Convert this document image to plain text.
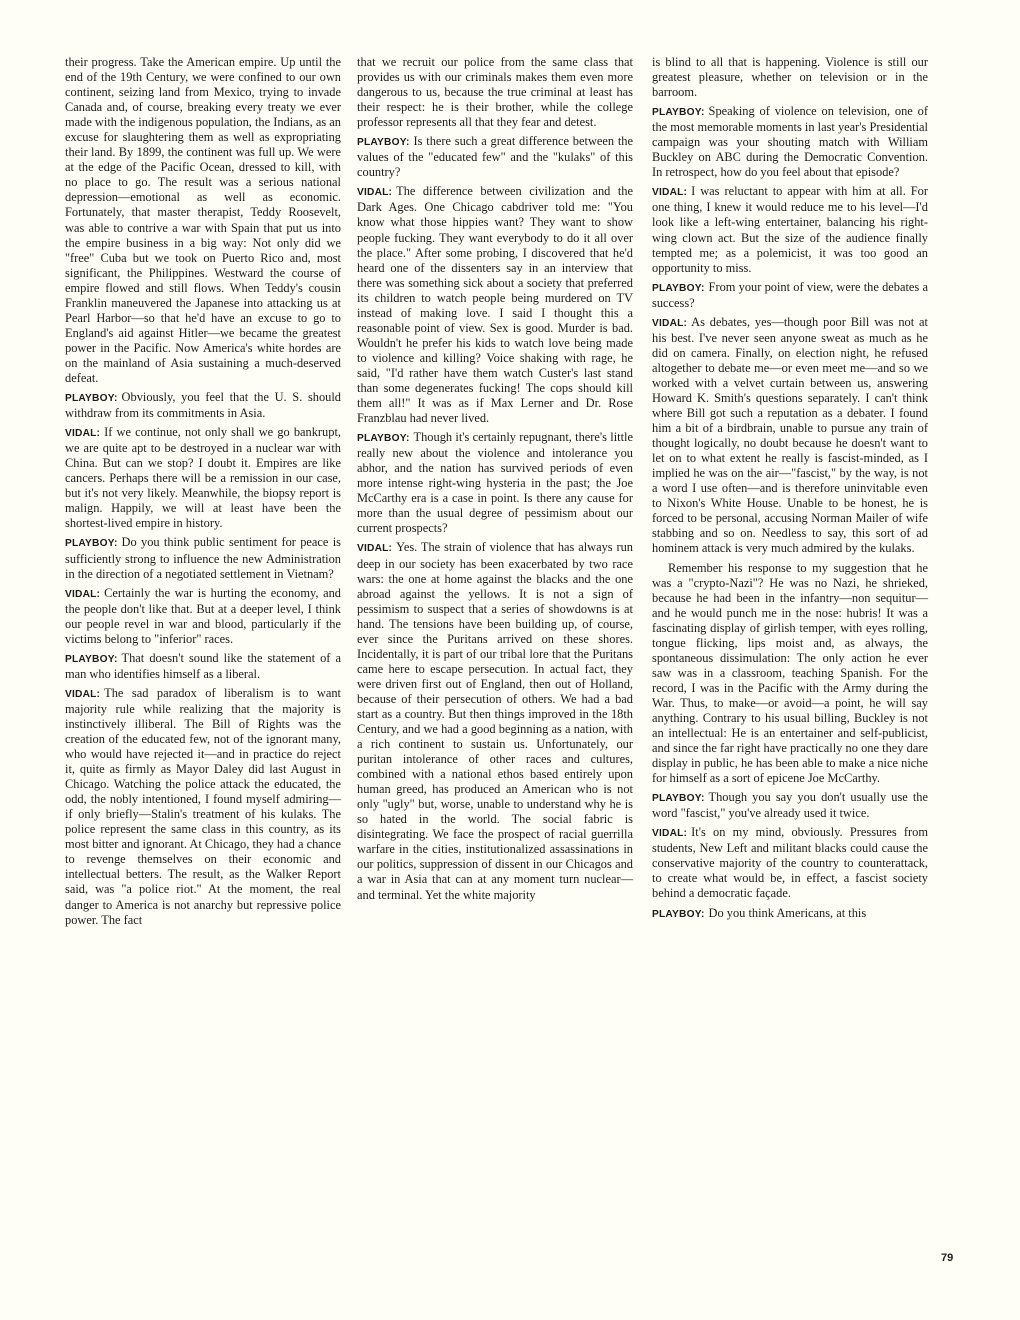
their progress. Take the American empire. Up until the end of the 19th Century, we were confined to our own continent, seizing land from Mexico, trying to invade Canada and, of course, breaking every treaty we ever made with the indigenous population, the Indians, as an excuse for slaughtering them as well as expropriating their land. By 1899, the continent was full up. We were at the edge of the Pacific Ocean, dressed to kill, with no place to go. The result was a serious national depression—emotional as well as economic. Fortunately, that master therapist, Teddy Roosevelt, was able to contrive a war with Spain that put us into the empire business in a big way: Not only did we "free" Cuba but we took on Puerto Rico and, most significant, the Philippines. Westward the course of empire flowed and still flows. When Teddy's cousin Franklin maneuvered the Japanese into attacking us at Pearl Harbor—so that he'd have an excuse to go to England's aid against Hitler—we became the greatest power in the Pacific. Now America's white hordes are on the mainland of Asia sustaining a much-deserved defeat.

PLAYBOY: Obviously, you feel that the U. S. should withdraw from its commitments in Asia.

VIDAL: If we continue, not only shall we go bankrupt, we are quite apt to be destroyed in a nuclear war with China. But can we stop? I doubt it. Empires are like cancers. Perhaps there will be a remission in our case, but it's not very likely. Meanwhile, the biopsy report is malign. Happily, we will at least have been the shortest-lived empire in history.

PLAYBOY: Do you think public sentiment for peace is sufficiently strong to influence the new Administration in the direction of a negotiated settlement in Vietnam?

VIDAL: Certainly the war is hurting the economy, and the people don't like that. But at a deeper level, I think our people revel in war and blood, particularly if the victims belong to "inferior" races.

PLAYBOY: That doesn't sound like the statement of a man who identifies himself as a liberal.

VIDAL: The sad paradox of liberalism is to want majority rule while realizing that the majority is instinctively illiberal. The Bill of Rights was the creation of the educated few, not of the ignorant many, who would have rejected it—and in practice do reject it, quite as firmly as Mayor Daley did last August in Chicago. Watching the police attack the educated, the odd, the nobly intentioned, I found myself admiring—if only briefly—Stalin's treatment of his kulaks. The police represent the same class in this country, as its most bitter and ignorant. At Chicago, they had a chance to revenge themselves on their economic and intellectual betters. The result, as the Walker Report said, was "a police riot." At the moment, the real danger to America is not anarchy but repressive police power. The fact

that we recruit our police from the same class that provides us with our criminals makes them even more dangerous to us, because the true criminal at least has their respect: he is their brother, while the college professor represents all that they fear and detest.

PLAYBOY: Is there such a great difference between the values of the "educated few" and the "kulaks" of this country?

VIDAL: The difference between civilization and the Dark Ages. One Chicago cabdriver told me: "You know what those hippies want? They want to show people fucking. They want everybody to do it all over the place." After some probing, I discovered that he'd heard one of the dissenters say in an interview that there was something sick about a society that preferred its children to watch people being murdered on TV instead of making love. I said I thought this a reasonable point of view. Sex is good. Murder is bad. Wouldn't he prefer his kids to watch love being made to violence and killing? Voice shaking with rage, he said, "I'd rather have them watch Custer's last stand than some degenerates fucking! The cops should kill them all!" It was as if Max Lerner and Dr. Rose Franzblau had never lived.

PLAYBOY: Though it's certainly repugnant, there's little really new about the violence and intolerance you abhor, and the nation has survived periods of even more intense right-wing hysteria in the past; the Joe McCarthy era is a case in point. Is there any cause for more than the usual degree of pessimism about our current prospects?

VIDAL: Yes. The strain of violence that has always run deep in our society has been exacerbated by two race wars: the one at home against the blacks and the one abroad against the yellows. It is not a sign of pessimism to suspect that a series of showdowns is at hand. The tensions have been building up, of course, ever since the Puritans arrived on these shores. Incidentally, it is part of our tribal lore that the Puritans came here to escape persecution. In actual fact, they were driven first out of England, then out of Holland, because of their persecution of others. We had a bad start as a country. But then things improved in the 18th Century, and we had a good beginning as a nation, with a rich continent to sustain us. Unfortunately, our puritan intolerance of other races and cultures, combined with a national ethos based entirely upon human greed, has produced an American who is not only "ugly" but, worse, unable to understand why he is so hated in the world. The social fabric is disintegrating. We face the prospect of racial guerrilla warfare in the cities, institutionalized assassinations in our politics, suppression of dissent in our Chicagos and a war in Asia that can at any moment turn nuclear—and terminal. Yet the white majority

is blind to all that is happening. Violence is still our greatest pleasure, whether on television or in the barroom.

PLAYBOY: Speaking of violence on television, one of the most memorable moments in last year's Presidential campaign was your shouting match with William Buckley on ABC during the Democratic Convention. In retrospect, how do you feel about that episode?

VIDAL: I was reluctant to appear with him at all. For one thing, I knew it would reduce me to his level—I'd look like a left-wing entertainer, balancing his right-wing clown act. But the size of the audience finally tempted me; as a polemicist, it was too good an opportunity to miss.

PLAYBOY: From your point of view, were the debates a success?

VIDAL: As debates, yes—though poor Bill was not at his best. I've never seen anyone sweat as much as he did on camera. Finally, on election night, he refused altogether to debate me—or even meet me—and so we worked with a velvet curtain between us, answering Howard K. Smith's questions separately. I can't think where Bill got such a reputation as a debater. I found him a bit of a birdbrain, unable to pursue any train of thought logically, no doubt because he doesn't want to let on to what extent he really is fascist-minded, as I implied he was on the air—"fascist," by the way, is not a word I use often—and is therefore uninvitable even to Nixon's White House. Unable to be honest, he is forced to be personal, accusing Norman Mailer of wife stabbing and so on. Needless to say, this sort of ad hominem attack is very much admired by the kulaks.

Remember his response to my suggestion that he was a "crypto-Nazi"? He was no Nazi, he shrieked, because he had been in the infantry—non sequitur—and he would punch me in the nose: hubris! It was a fascinating display of girlish temper, with eyes rolling, tongue flicking, lips moist and, as always, the spontaneous dissimulation: The only action he ever saw was in a classroom, teaching Spanish. For the record, I was in the Pacific with the Army during the War. Thus, to make—or avoid—a point, he will say anything. Contrary to his usual billing, Buckley is not an intellectual: He is an entertainer and self-publicist, and since the far right have practically no one they dare display in public, he has been able to make a nice niche for himself as a sort of epicene Joe McCarthy.

PLAYBOY: Though you say you don't usually use the word "fascist," you've already used it twice.

VIDAL: It's on my mind, obviously. Pressures from students, New Left and militant blacks could cause the conservative majority of the country to counterattack, to create what would be, in effect, a fascist society behind a democratic façade.

PLAYBOY: Do you think Americans, at this

79
